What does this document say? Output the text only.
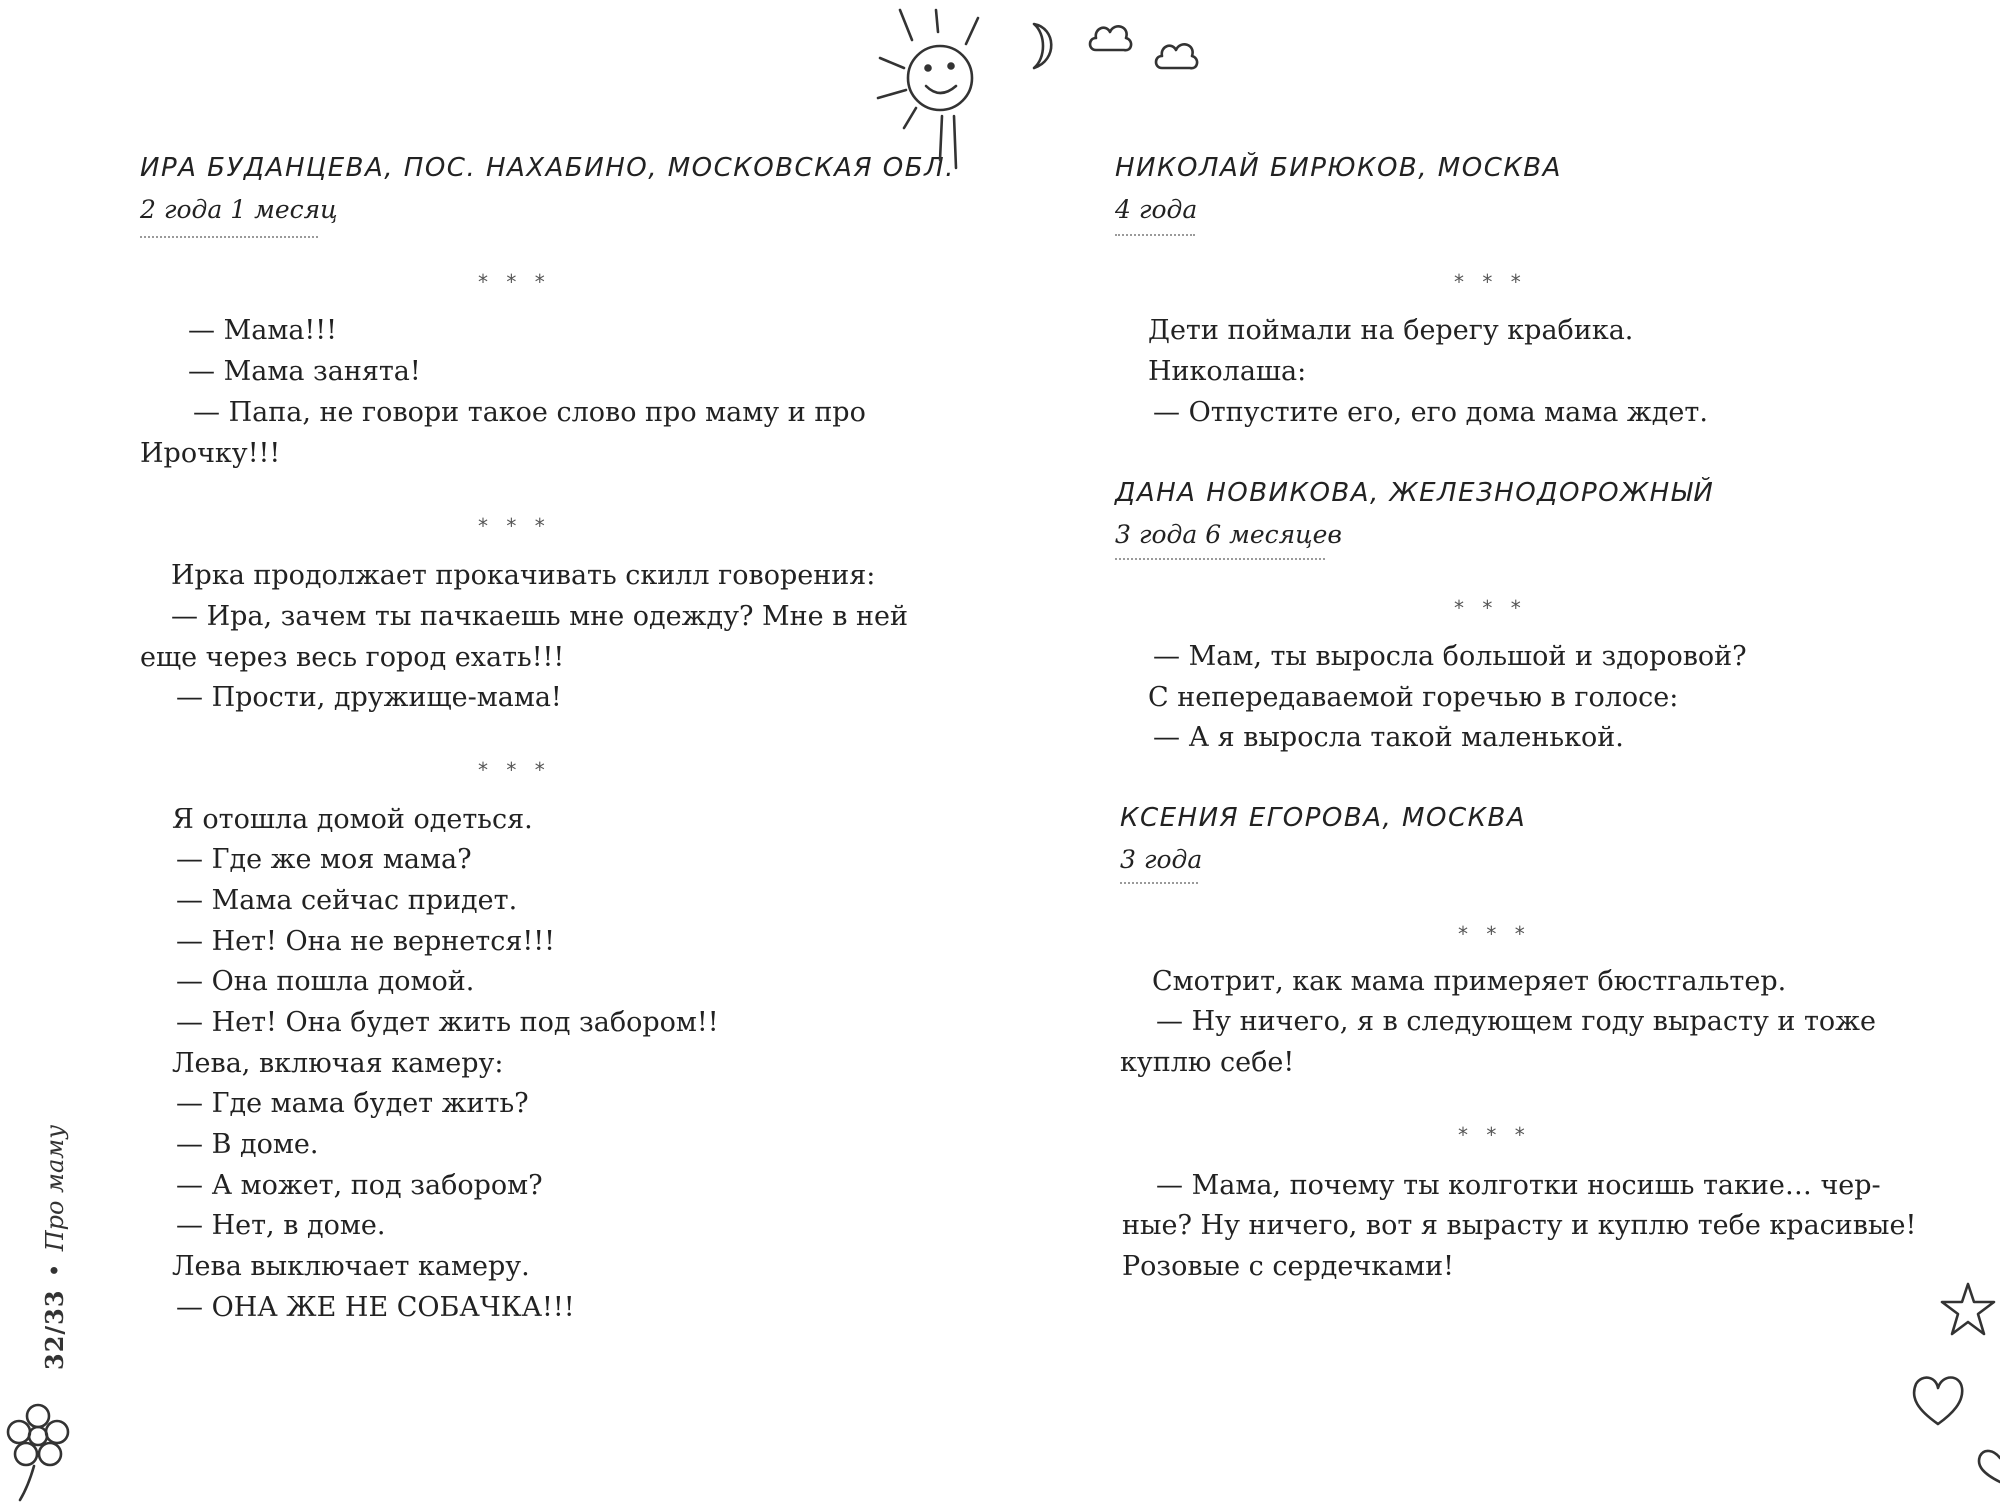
ИРА БУДАНЦЕВА, ПОС. НАХАБИНО, МОСКОВСКАЯ ОБЛ.
2 года 1 месяц
* * *
— Мама!!!
— Мама занята!
— Папа, не говори такое слово про маму и про
Ирочку!!!
* * *
Ирка продолжает прокачивать скилл говорения:
— Ира, зачем ты пачкаешь мне одежду? Мне в ней
еще через весь город ехать!!!
— Прости, дружище-мама!
* * *
Я отошла домой одеться.
— Где же моя мама?
— Мама сейчас придет.
— Нет! Она не вернется!!!
— Она пошла домой.
— Нет! Она будет жить под забором!!
Лева, включая камеру:
— Где мама будет жить?
— В доме.
— А может, под забором?
— Нет, в доме.
Лева выключает камеру.
— ОНА ЖЕ НЕ СОБАЧКА!!!
32/33•Про маму
НИКОЛАЙ БИРЮКОВ, МОСКВА
4 года
* * *
Дети поймали на берегу крабика.
Николаша:
— Отпустите его, его дома мама ждет.
ДАНА НОВИКОВА, ЖЕЛЕЗНОДОРОЖНЫЙ
3 года 6 месяцев
* * *
— Мам, ты выросла большой и здоровой?
С непередаваемой горечью в голосе:
— А я выросла такой маленькой.
КСЕНИЯ ЕГОРОВА, МОСКВА
3 года
* * *
Смотрит, как мама примеряет бюстгальтер.
— Ну ничего, я в следующем году вырасту и тоже
куплю себе!
* * *
— Мама, почему ты колготки носишь такие… чер-
ные? Ну ничего, вот я вырасту и куплю тебе красивые!
Розовые с сердечками!
